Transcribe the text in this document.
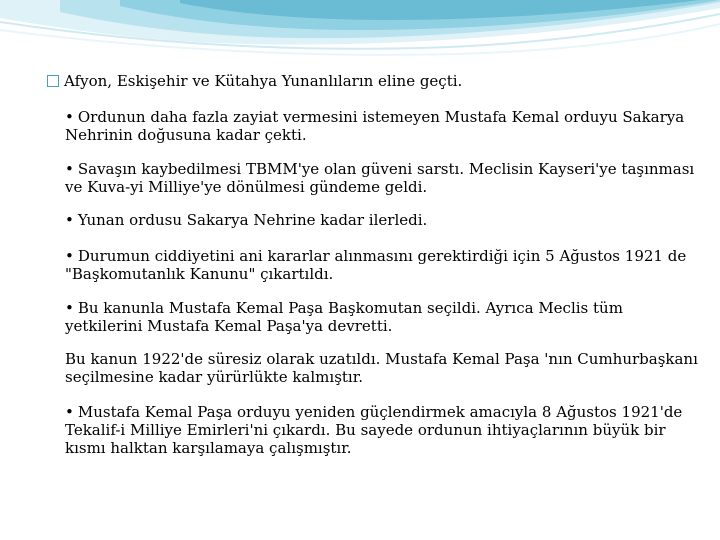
Afyon, Eskişehir ve Kütahya Yunanlıların eline geçti.
• Ordunun daha fazla zayiat vermesini istemeyen Mustafa Kemal orduyu Sakarya Nehrinin doğusuna kadar çekti.
• Savaşın kaybedilmesi TBMM'ye olan güveni sarstı. Meclisin Kayseri'ye taşınması ve Kuva-yi Milliye'ye dönülmesi gündeme geldi.
• Yunan ordusu Sakarya Nehrine kadar ilerledi.
• Durumun ciddiyetini ani kararlar alınmasını gerektirdiği için 5 Ağustos 1921 de "Başkomutanlık Kanunu" çıkartıldı.
• Bu kanunla Mustafa Kemal Paşa Başkomutan seçildi. Ayrıca Meclis tüm yetkilerini Mustafa Kemal Paşa'ya devretti.
Bu kanun 1922'de süresiz olarak uzatıldı. Mustafa Kemal Paşa 'nın Cumhurbaşkanı seçilmesine kadar yürürlükte kalmıştır.
• Mustafa Kemal Paşa orduyu yeniden güçlendirmek amacıyla 8 Ağustos 1921'de Tekalif-i Milliye Emirleri'ni çıkardı. Bu sayede ordunun ihtiyaçlarının büyük bir kısmı halktan karşılamaya çalışmıştır.
